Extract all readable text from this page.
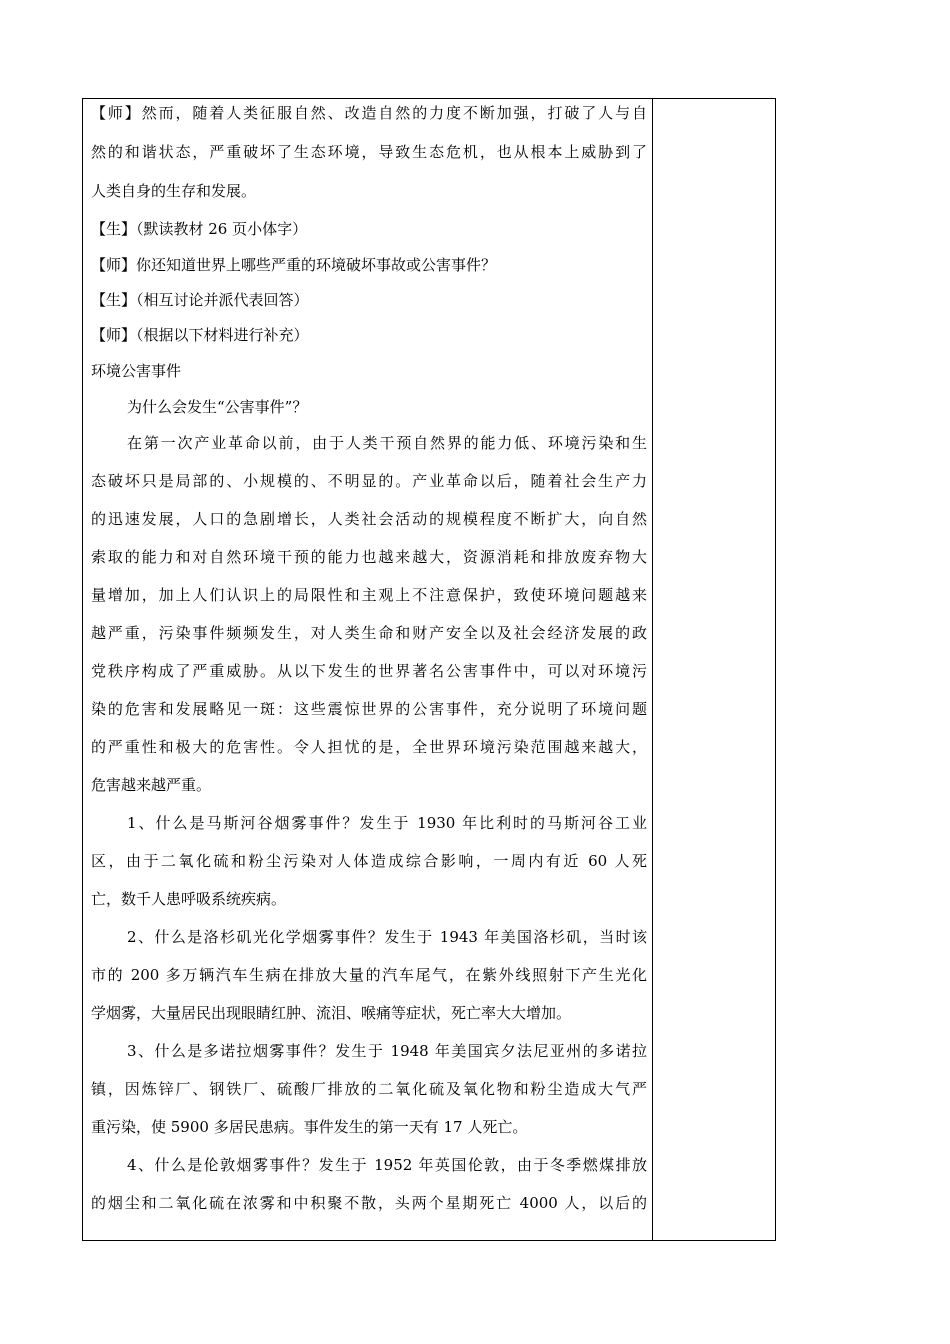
【师】然而，随着人类征服自然、改造自然的力度不断加强，打破了人与自
然的和谐状态，严重破坏了生态环境，导致生态危机，也从根本上威胁到了
人类自身的生存和发展。
【生】（默读教材 26 页小体字）
【师】你还知道世界上哪些严重的环境破坏事故或公害事件？
【生】（相互讨论并派代表回答）
【师】（根据以下材料进行补充）
环境公害事件
为什么会发生“公害事件”？
在第一次产业革命以前，由于人类干预自然界的能力低、环境污染和生
态破坏只是局部的、小规模的、不明显的。产业革命以后，随着社会生产力
的迅速发展，人口的急剧增长，人类社会活动的规模程度不断扩大，向自然
索取的能力和对自然环境干预的能力也越来越大，资源消耗和排放废弃物大
量增加，加上人们认识上的局限性和主观上不注意保护，致使环境问题越来
越严重，污染事件频频发生，对人类生命和财产安全以及社会经济发展的政
党秩序构成了严重威胁。从以下发生的世界著名公害事件中，可以对环境污
染的危害和发展略见一斑：这些震惊世界的公害事件，充分说明了环境问题
的严重性和极大的危害性。令人担忧的是，全世界环境污染范围越来越大，
危害越来越严重。
1、什么是马斯河谷烟雾事件？发生于 1930 年比利时的马斯河谷工业
区，由于二氧化硫和粉尘污染对人体造成综合影响，一周内有近 60 人死
亡，数千人患呼吸系统疾病。
2、什么是洛杉矶光化学烟雾事件？发生于 1943 年美国洛杉矶，当时该
市的 200 多万辆汽车生病在排放大量的汽车尾气，在紫外线照射下产生光化
学烟雾，大量居民出现眼睛红肿、流泪、喉痛等症状，死亡率大大增加。
3、什么是多诺拉烟雾事件？发生于 1948 年美国宾夕法尼亚州的多诺拉
镇，因炼锌厂、钢铁厂、硫酸厂排放的二氧化硫及氧化物和粉尘造成大气严
重污染，使 5900 多居民患病。事件发生的第一天有 17 人死亡。
4、什么是伦敦烟雾事件？发生于 1952 年英国伦敦，由于冬季燃煤排放
的烟尘和二氧化硫在浓雾和中积聚不散，头两个星期死亡 4000 人，以后的
